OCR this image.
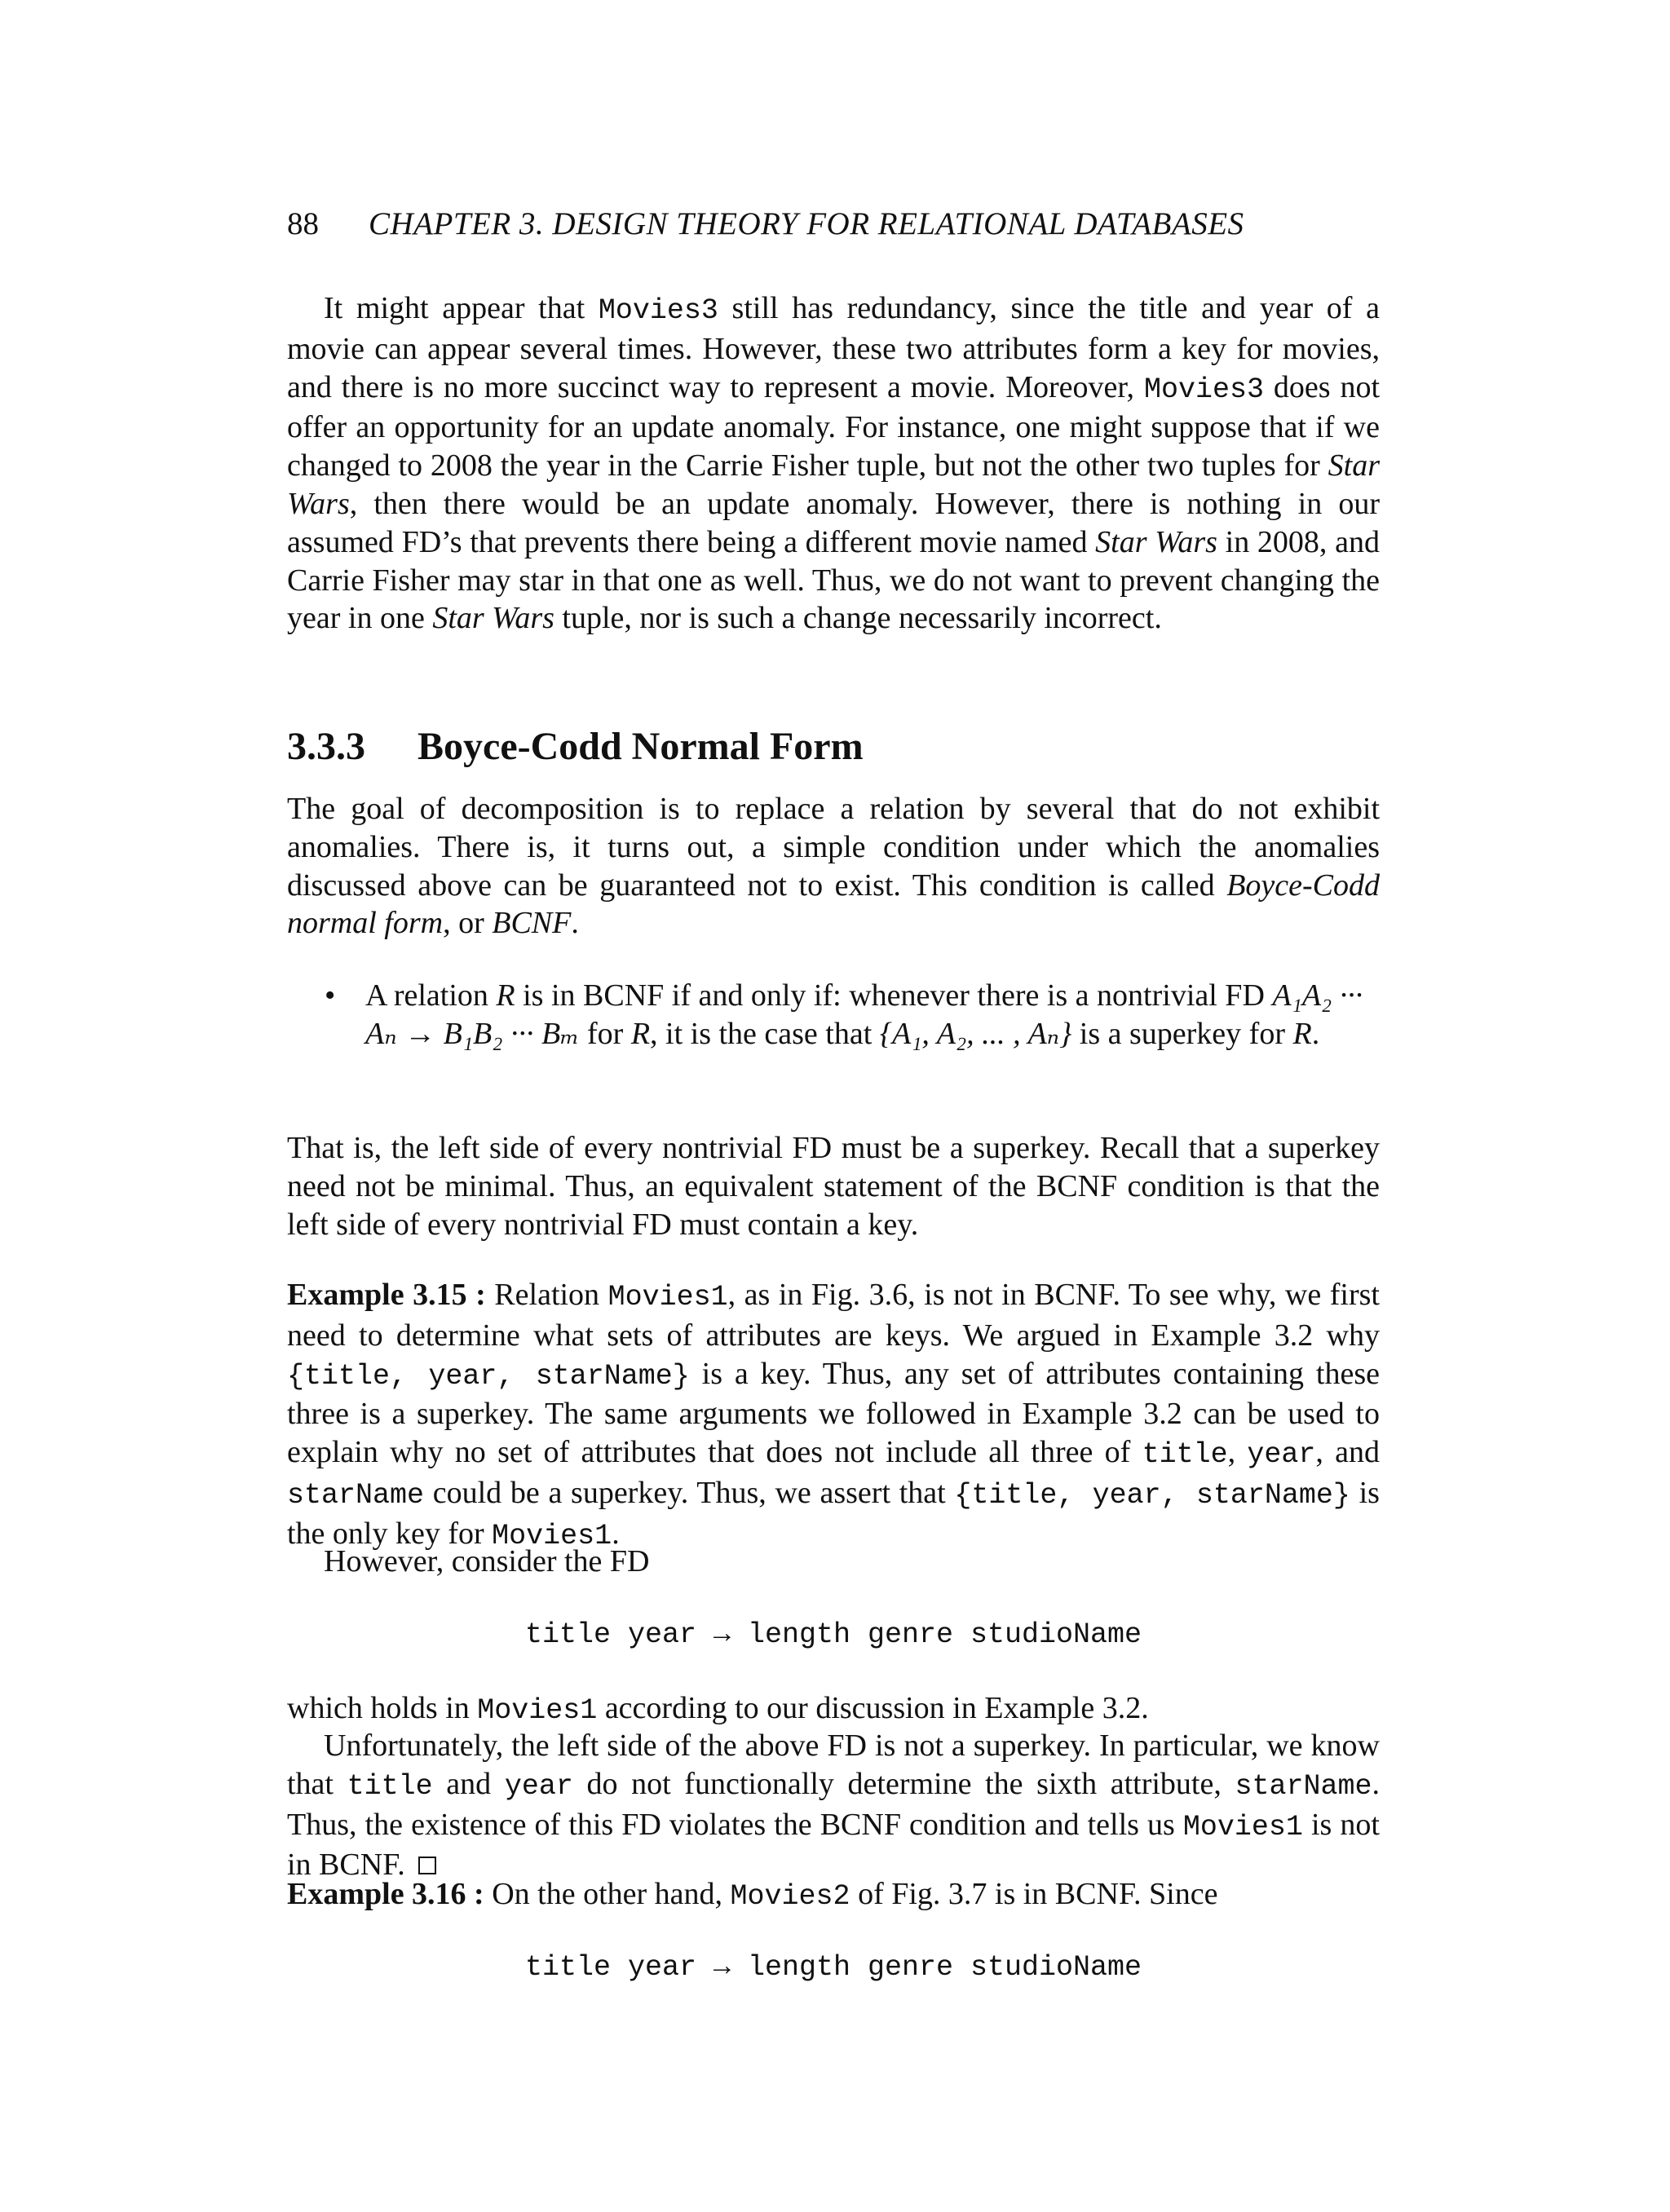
88 CHAPTER 3. DESIGN THEORY FOR RELATIONAL DATABASES

It might appear that Movies3 still has redundancy, since the title and year of a movie can appear several times. However, these two attributes form a key for movies, and there is no more succinct way to represent a movie. Moreover, Movies3 does not offer an opportunity for an update anomaly. For instance, one might suppose that if we changed to 2008 the year in the Carrie Fisher tuple, but not the other two tuples for Star Wars, then there would be an update anomaly. However, there is nothing in our assumed FD’s that prevents there being a different movie named Star Wars in 2008, and Carrie Fisher may star in that one as well. Thus, we do not want to prevent changing the year in one Star Wars tuple, nor is such a change necessarily incorrect.

3.3.3 Boyce-Codd Normal Form

The goal of decomposition is to replace a relation by several that do not exhibit anomalies. There is, it turns out, a simple condition under which the anomalies discussed above can be guaranteed not to exist. This condition is called Boyce-Codd normal form, or BCNF.

• A relation R is in BCNF if and only if: whenever there is a nontrivial FD A₁A₂ ··· Aₙ → B₁B₂ ··· Bₘ for R, it is the case that {A₁, A₂, ... , Aₙ} is a superkey for R.

That is, the left side of every nontrivial FD must be a superkey. Recall that a superkey need not be minimal. Thus, an equivalent statement of the BCNF condition is that the left side of every nontrivial FD must contain a key.

Example 3.15 : Relation Movies1, as in Fig. 3.6, is not in BCNF. To see why, we first need to determine what sets of attributes are keys. We argued in Example 3.2 why {title, year, starName} is a key. Thus, any set of attributes containing these three is a superkey. The same arguments we followed in Example 3.2 can be used to explain why no set of attributes that does not include all three of title, year, and starName could be a superkey. Thus, we assert that {title, year, starName} is the only key for Movies1.

However, consider the FD

title year → length genre studioName

which holds in Movies1 according to our discussion in Example 3.2.

Unfortunately, the left side of the above FD is not a superkey. In particular, we know that title and year do not functionally determine the sixth attribute, starName. Thus, the existence of this FD violates the BCNF condition and tells us Movies1 is not in BCNF.

Example 3.16 : On the other hand, Movies2 of Fig. 3.7 is in BCNF. Since

title year → length genre studioName
